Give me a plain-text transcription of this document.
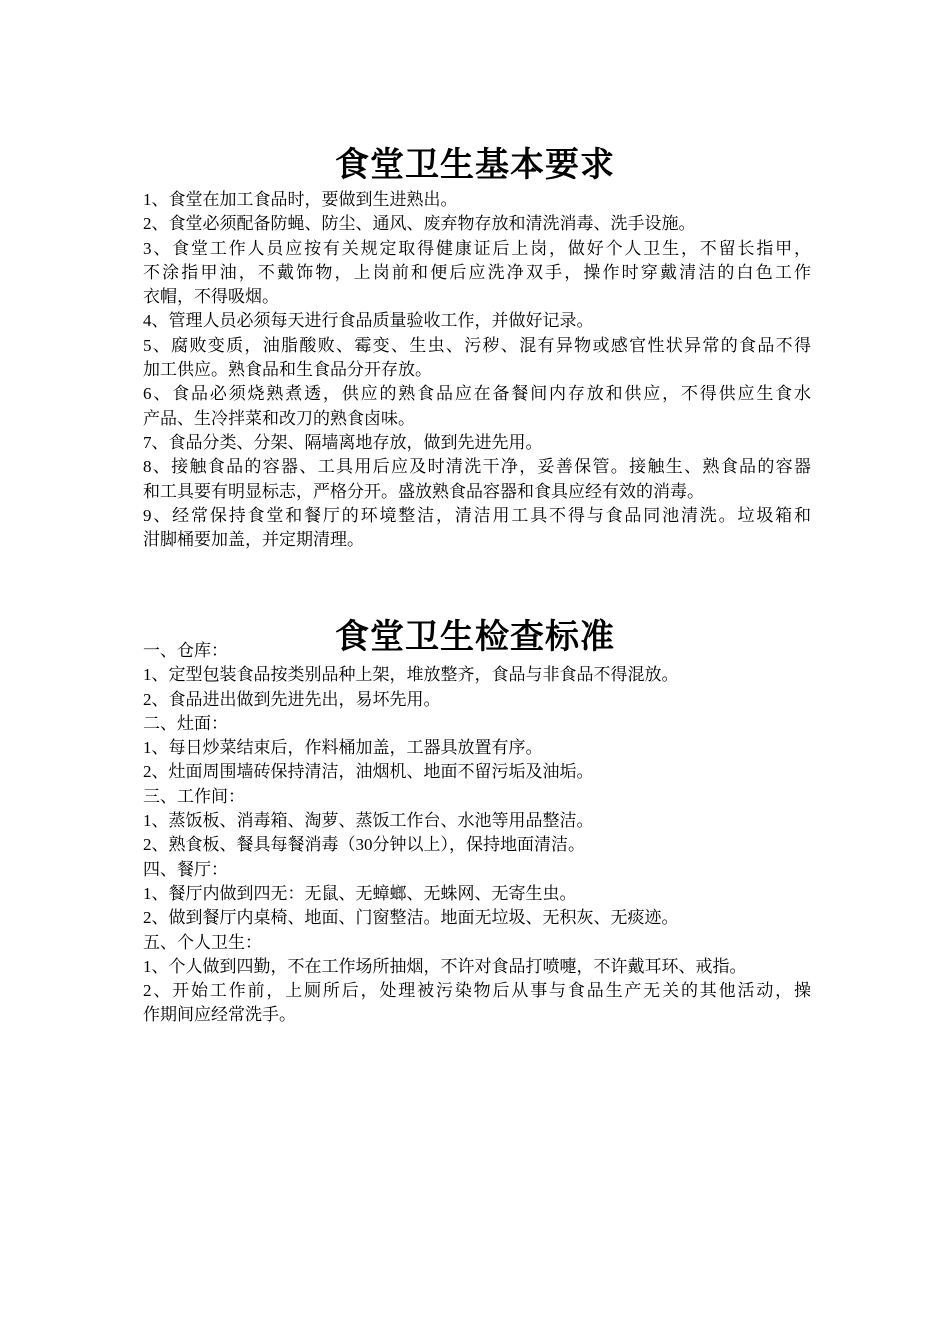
食堂卫生基本要求
1、食堂在加工食品时，要做到生进熟出。
2、食堂必须配备防蝇、防尘、通风、废弃物存放和清洗消毒、洗手设施。
3、食堂工作人员应按有关规定取得健康证后上岗，做好个人卫生，不留长指甲，
不涂指甲油，不戴饰物，上岗前和便后应洗净双手，操作时穿戴清洁的白色工作
衣帽，不得吸烟。
4、管理人员必须每天进行食品质量验收工作，并做好记录。
5、腐败变质，油脂酸败、霉变、生虫、污秽、混有异物或感官性状异常的食品不得
加工供应。熟食品和生食品分开存放。
6、食品必须烧熟煮透，供应的熟食品应在备餐间内存放和供应，不得供应生食水
产品、生冷拌菜和改刀的熟食卤味。
7、食品分类、分架、隔墙离地存放，做到先进先用。
8、接触食品的容器、工具用后应及时清洗干净，妥善保管。接触生、熟食品的容器
和工具要有明显标志，严格分开。盛放熟食品容器和食具应经有效的消毒。
9、经常保持食堂和餐厅的环境整洁，清洁用工具不得与食品同池清洗。垃圾箱和
泔脚桶要加盖，并定期清理。
食堂卫生检查标准
一、仓库：
1、定型包装食品按类别品种上架，堆放整齐，食品与非食品不得混放。
2、食品进出做到先进先出，易坏先用。
二、灶面：
1、每日炒菜结束后，作料桶加盖，工器具放置有序。
2、灶面周围墙砖保持清洁，油烟机、地面不留污垢及油垢。
三、工作间：
1、蒸饭板、消毒箱、淘萝、蒸饭工作台、水池等用品整洁。
2、熟食板、餐具每餐消毒（30分钟以上），保持地面清洁。
四、餐厅：
1、餐厅内做到四无：无鼠、无蟑螂、无蛛网、无寄生虫。
2、做到餐厅内桌椅、地面、门窗整洁。地面无垃圾、无积灰、无痰迹。
五、个人卫生：
1、个人做到四勤，不在工作场所抽烟，不许对食品打喷嚏，不许戴耳环、戒指。
2、开始工作前，上厕所后，处理被污染物后从事与食品生产无关的其他活动，操
作期间应经常洗手。
